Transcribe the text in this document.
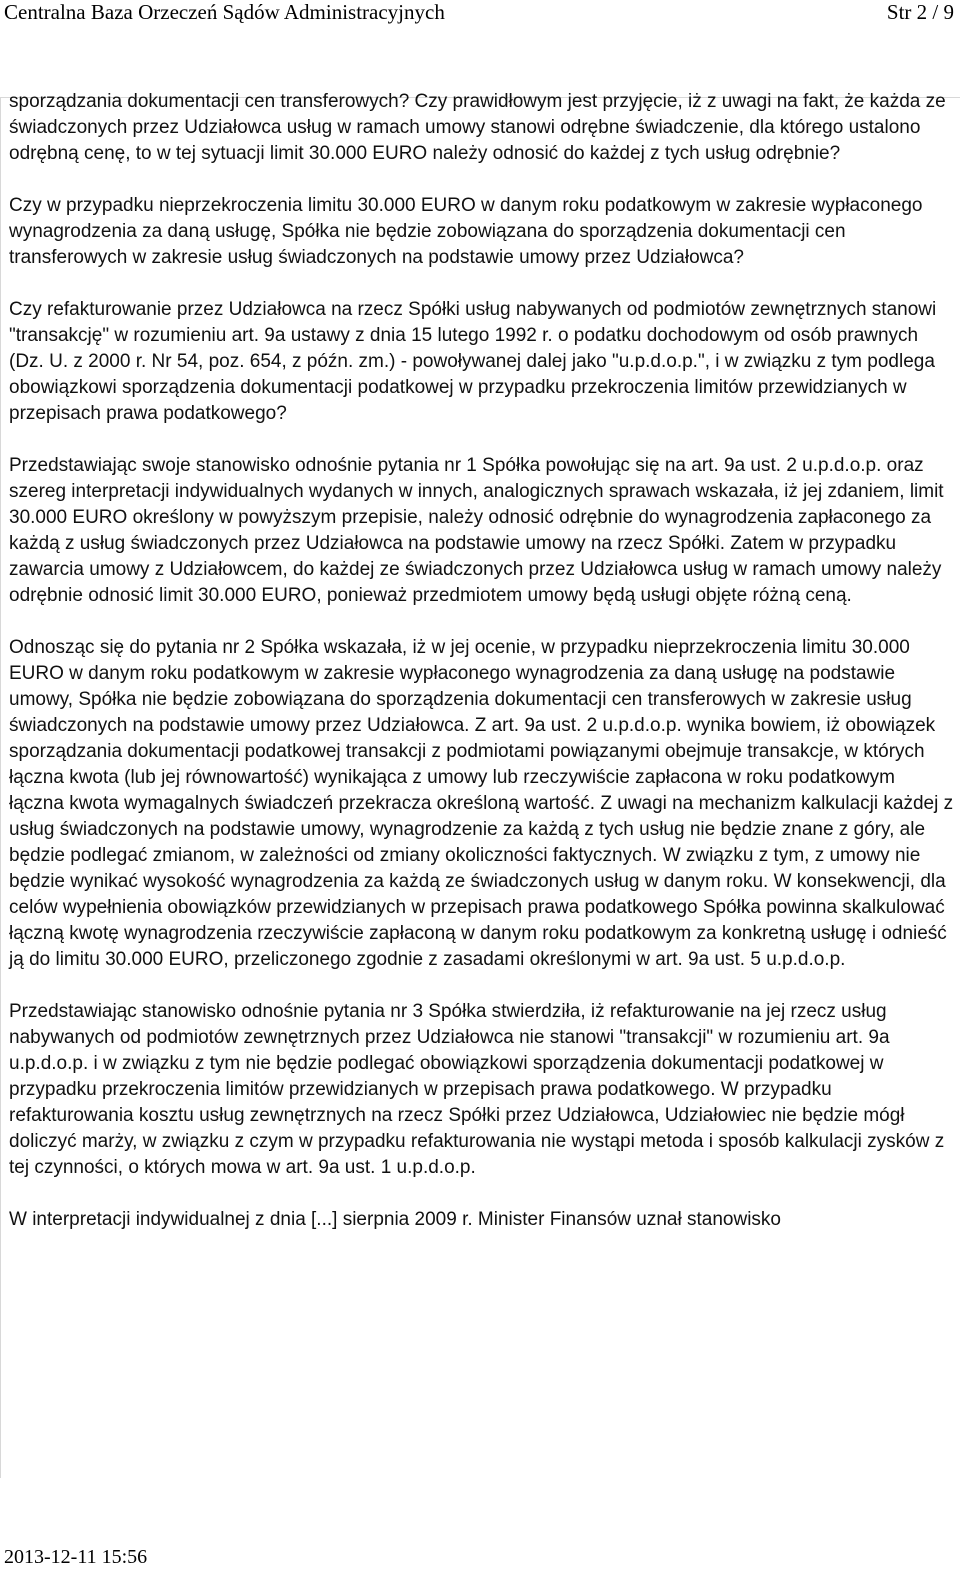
Centralna Baza Orzeczeń Sądów Administracyjnych	Str 2 / 9

sporządzania dokumentacji cen transferowych? Czy prawidłowym jest przyjęcie, iż z uwagi na fakt, że każda ze świadczonych przez Udziałowca usług w ramach umowy stanowi odrębne świadczenie, dla którego ustalono odrębną cenę, to w tej sytuacji limit 30.000 EURO należy odnosić do każdej z tych usług odrębnie?

Czy w przypadku nieprzekroczenia limitu 30.000 EURO w danym roku podatkowym w zakresie wypłaconego wynagrodzenia za daną usługę, Spółka nie będzie zobowiązana do sporządzenia dokumentacji cen transferowych w zakresie usług świadczonych na podstawie umowy przez Udziałowca?

Czy refakturowanie przez Udziałowca na rzecz Spółki usług nabywanych od podmiotów zewnętrznych stanowi "transakcję" w rozumieniu art. 9a ustawy z dnia 15 lutego 1992 r. o podatku dochodowym od osób prawnych (Dz. U. z 2000 r. Nr 54, poz. 654, z późn. zm.) - powoływanej dalej jako "u.p.d.o.p.", i w związku z tym podlega obowiązkowi sporządzenia dokumentacji podatkowej w przypadku przekroczenia limitów przewidzianych w przepisach prawa podatkowego?

Przedstawiając swoje stanowisko odnośnie pytania nr 1 Spółka powołując się na art. 9a ust. 2 u.p.d.o.p. oraz szereg interpretacji indywidualnych wydanych w innych, analogicznych sprawach wskazała, iż jej zdaniem, limit 30.000 EURO określony w powyższym przepisie, należy odnosić odrębnie do wynagrodzenia zapłaconego za każdą z usług świadczonych przez Udziałowca na podstawie umowy na rzecz Spółki. Zatem w przypadku zawarcia umowy z Udziałowcem, do każdej ze świadczonych przez Udziałowca usług w ramach umowy należy odrębnie odnosić limit 30.000 EURO, ponieważ przedmiotem umowy będą usługi objęte różną ceną.

Odnosząc się do pytania nr 2 Spółka wskazała, iż w jej ocenie, w przypadku nieprzekroczenia limitu 30.000 EURO w danym roku podatkowym w zakresie wypłaconego wynagrodzenia za daną usługę na podstawie umowy, Spółka nie będzie zobowiązana do sporządzenia dokumentacji cen transferowych w zakresie usług świadczonych na podstawie umowy przez Udziałowca. Z art. 9a ust. 2 u.p.d.o.p. wynika bowiem, iż obowiązek sporządzania dokumentacji podatkowej transakcji z podmiotami powiązanymi obejmuje transakcje, w których łączna kwota (lub jej równowartość) wynikająca z umowy lub rzeczywiście zapłacona w roku podatkowym łączna kwota wymagalnych świadczeń przekracza określoną wartość. Z uwagi na mechanizm kalkulacji każdej z usług świadczonych na podstawie umowy, wynagrodzenie za każdą z tych usług nie będzie znane z góry, ale będzie podlegać zmianom, w zależności od zmiany okoliczności faktycznych. W związku z tym, z umowy nie będzie wynikać wysokość wynagrodzenia za każdą ze świadczonych usług w danym roku. W konsekwencji, dla celów wypełnienia obowiązków przewidzianych w przepisach prawa podatkowego Spółka powinna skalkulować łączną kwotę wynagrodzenia rzeczywiście zapłaconą w danym roku podatkowym za konkretną usługę i odnieść ją do limitu 30.000 EURO, przeliczonego zgodnie z zasadami określonymi w art. 9a ust. 5 u.p.d.o.p.

Przedstawiając stanowisko odnośnie pytania nr 3 Spółka stwierdziła, iż refakturowanie na jej rzecz usług nabywanych od podmiotów zewnętrznych przez Udziałowca nie stanowi "transakcji" w rozumieniu art. 9a u.p.d.o.p. i w związku z tym nie będzie podlegać obowiązkowi sporządzenia dokumentacji podatkowej w przypadku przekroczenia limitów przewidzianych w przepisach prawa podatkowego. W przypadku refakturowania kosztu usług zewnętrznych na rzecz Spółki przez Udziałowca, Udziałowiec nie będzie mógł doliczyć marży, w związku z czym w przypadku refakturowania nie wystąpi metoda i sposób kalkulacji zysków z tej czynności, o których mowa w art. 9a ust. 1 u.p.d.o.p.

W interpretacji indywidualnej z dnia [...] sierpnia 2009 r. Minister Finansów uznał stanowisko

2013-12-11 15:56
